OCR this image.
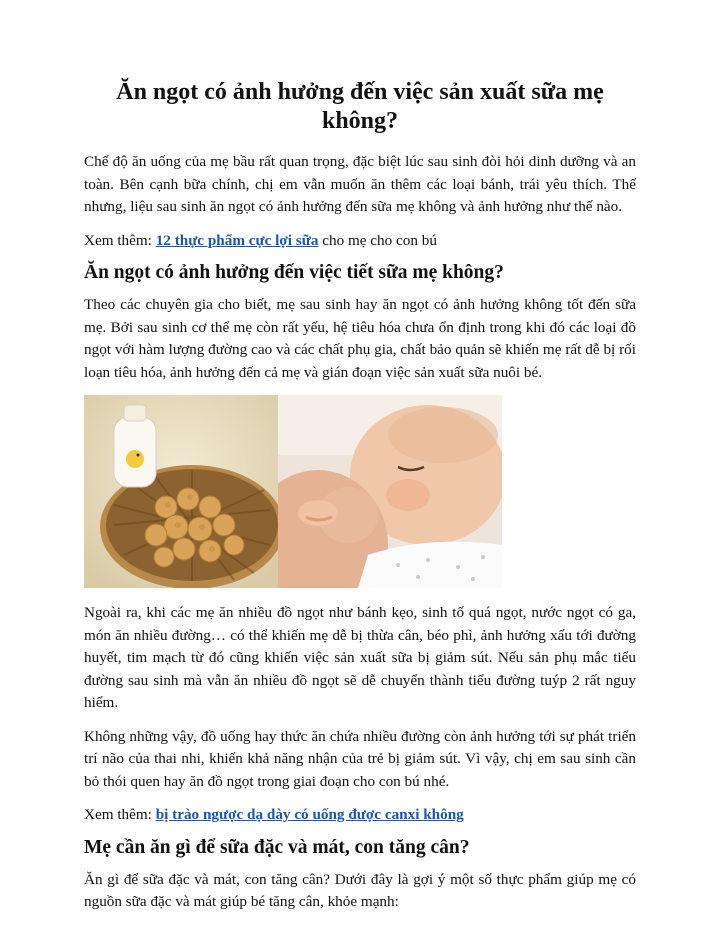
Ăn ngọt có ảnh hưởng đến việc sản xuất sữa mẹ không?

Chế độ ăn uống của mẹ bầu rất quan trọng, đặc biệt lúc sau sinh đòi hỏi dinh dưỡng và an toàn. Bên cạnh bữa chính, chị em vẫn muốn ăn thêm các loại bánh, trái yêu thích. Thế nhưng, liệu sau sinh ăn ngọt có ảnh hưởng đến sữa mẹ không và ảnh hưởng như thế nào.

Xem thêm: 12 thực phẩm cực lợi sữa cho mẹ cho con bú

Ăn ngọt có ảnh hưởng đến việc tiết sữa mẹ không?

Theo các chuyên gia cho biết, mẹ sau sinh hay ăn ngọt có ảnh hưởng không tốt đến sữa mẹ. Bởi sau sinh cơ thể mẹ còn rất yếu, hệ tiêu hóa chưa ổn định trong khi đó các loại đồ ngọt với hàm lượng đường cao và các chất phụ gia, chất bảo quản sẽ khiến mẹ rất dễ bị rối loạn tiêu hóa, ảnh hưởng đến cả mẹ và gián đoạn việc sản xuất sữa nuôi bé.

Ngoài ra, khi các mẹ ăn nhiều đồ ngọt như bánh kẹo, sinh tố quá ngọt, nước ngọt có ga, món ăn nhiều đường… có thể khiến mẹ dễ bị thừa cân, béo phì, ảnh hưởng xấu tới đường huyết, tim mạch từ đó cũng khiến việc sản xuất sữa bị giảm sút. Nếu sản phụ mắc tiểu đường sau sinh mà vẫn ăn nhiều đồ ngọt sẽ dễ chuyển thành tiểu đường tuýp 2 rất nguy hiểm.

Không những vậy, đồ uống hay thức ăn chứa nhiều đường còn ảnh hưởng tới sự phát triển trí não của thai nhi, khiến khả năng nhận của trẻ bị giảm sút. Vì vậy, chị em sau sinh cần bỏ thói quen hay ăn đồ ngọt trong giai đoạn cho con bú nhé.

Xem thêm: bị trào ngược dạ dày có uống được canxi không

Mẹ cần ăn gì để sữa đặc và mát, con tăng cân?

Ăn gì để sữa đặc và mát, con tăng cân? Dưới đây là gợi ý một số thực phẩm giúp mẹ có nguồn sữa đặc và mát giúp bé tăng cân, khỏe mạnh:
